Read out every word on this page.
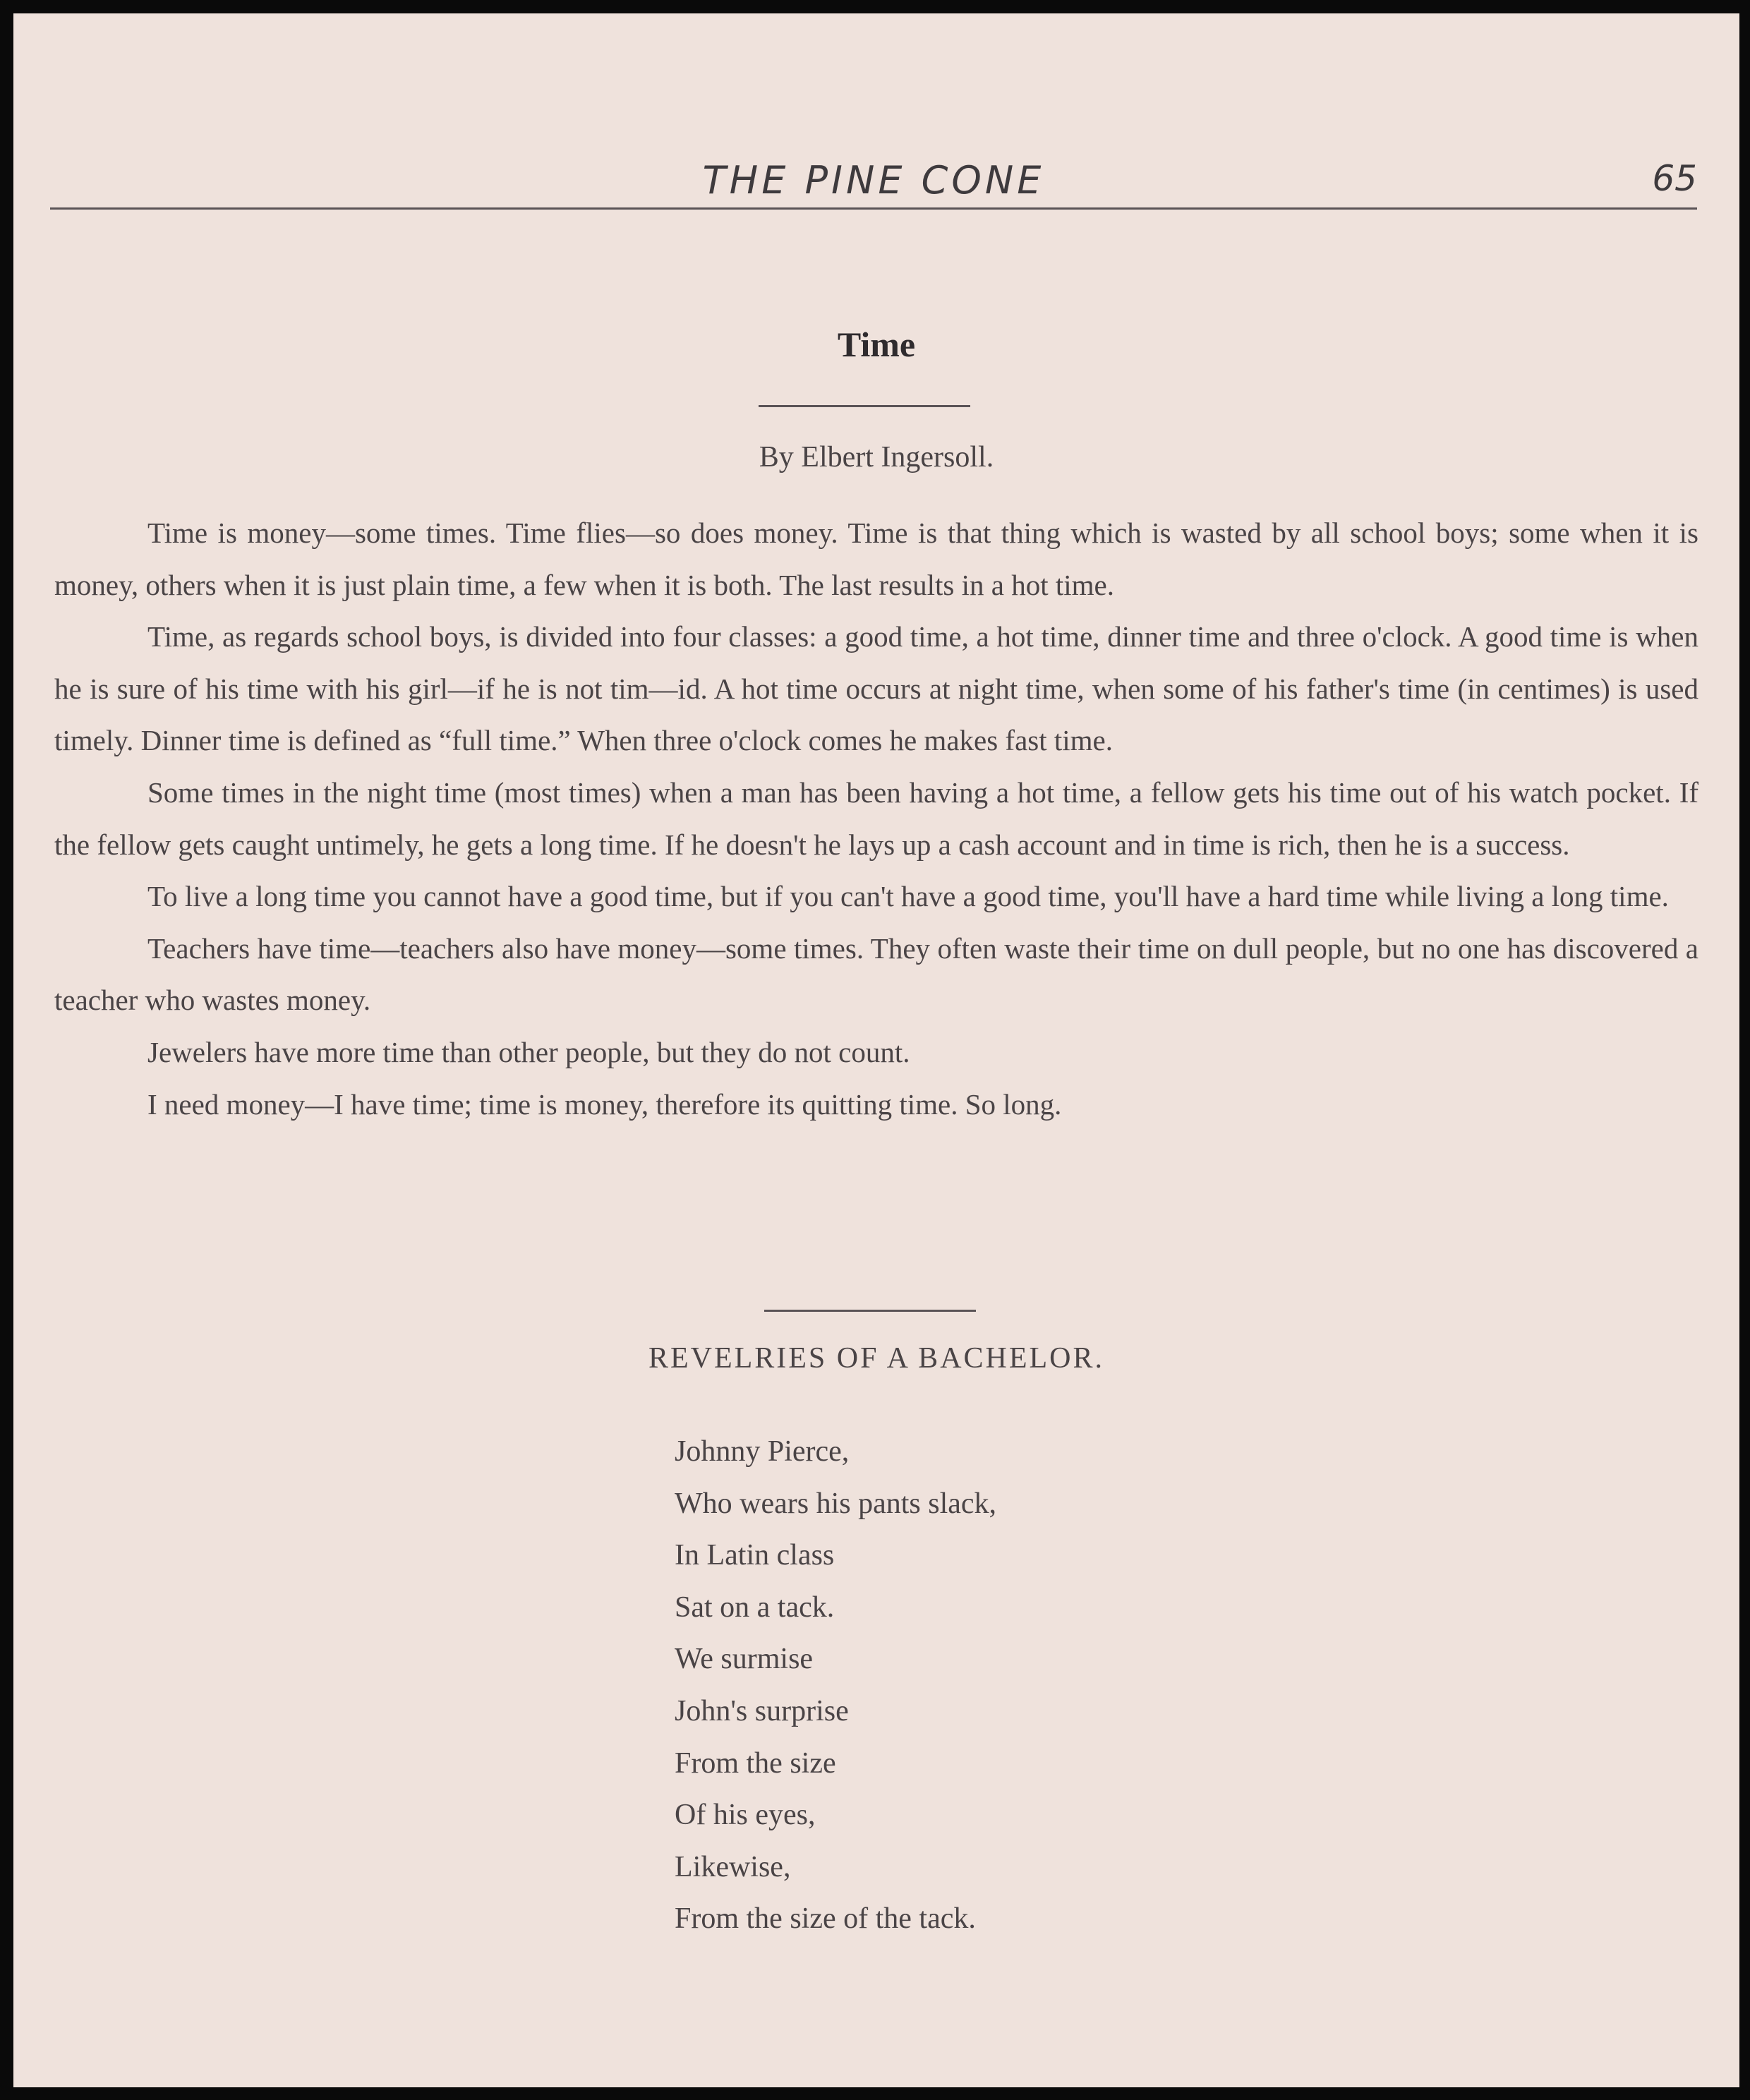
THE PINE CONE	65
Time
By Elbert Ingersoll.

Time is money—some times. Time flies—so does money. Time is that thing which is wasted by all school boys; some when it is money, others when it is just plain time, a few when it is both. The last results in a hot time.

Time, as regards school boys, is divided into four classes: a good time, a hot time, dinner time and three o'clock. A good time is when he is sure of his time with his girl—if he is not tim—id. A hot time occurs at night time, when some of his father's time (in centimes) is used timely. Dinner time is defined as “full time.” When three o'clock comes he makes fast time.

Some times in the night time (most times) when a man has been having a hot time, a fellow gets his time out of his watch pocket. If the fellow gets caught untimely, he gets a long time. If he doesn't he lays up a cash account and in time is rich, then he is a success.

To live a long time you cannot have a good time, but if you can't have a good time, you'll have a hard time while living a long time.

Teachers have time—teachers also have money—some times. They often waste their time on dull people, but no one has discovered a teacher who wastes money.

Jewelers have more time than other people, but they do not count.

I need money—I have time; time is money, therefore its quitting time. So long.

REVELRIES OF A BACHELOR.
Johnny Pierce,
Who wears his pants slack,
In Latin class
Sat on a tack.
We surmise
John's surprise
From the size
Of his eyes,
Likewise,
From the size of the tack.
